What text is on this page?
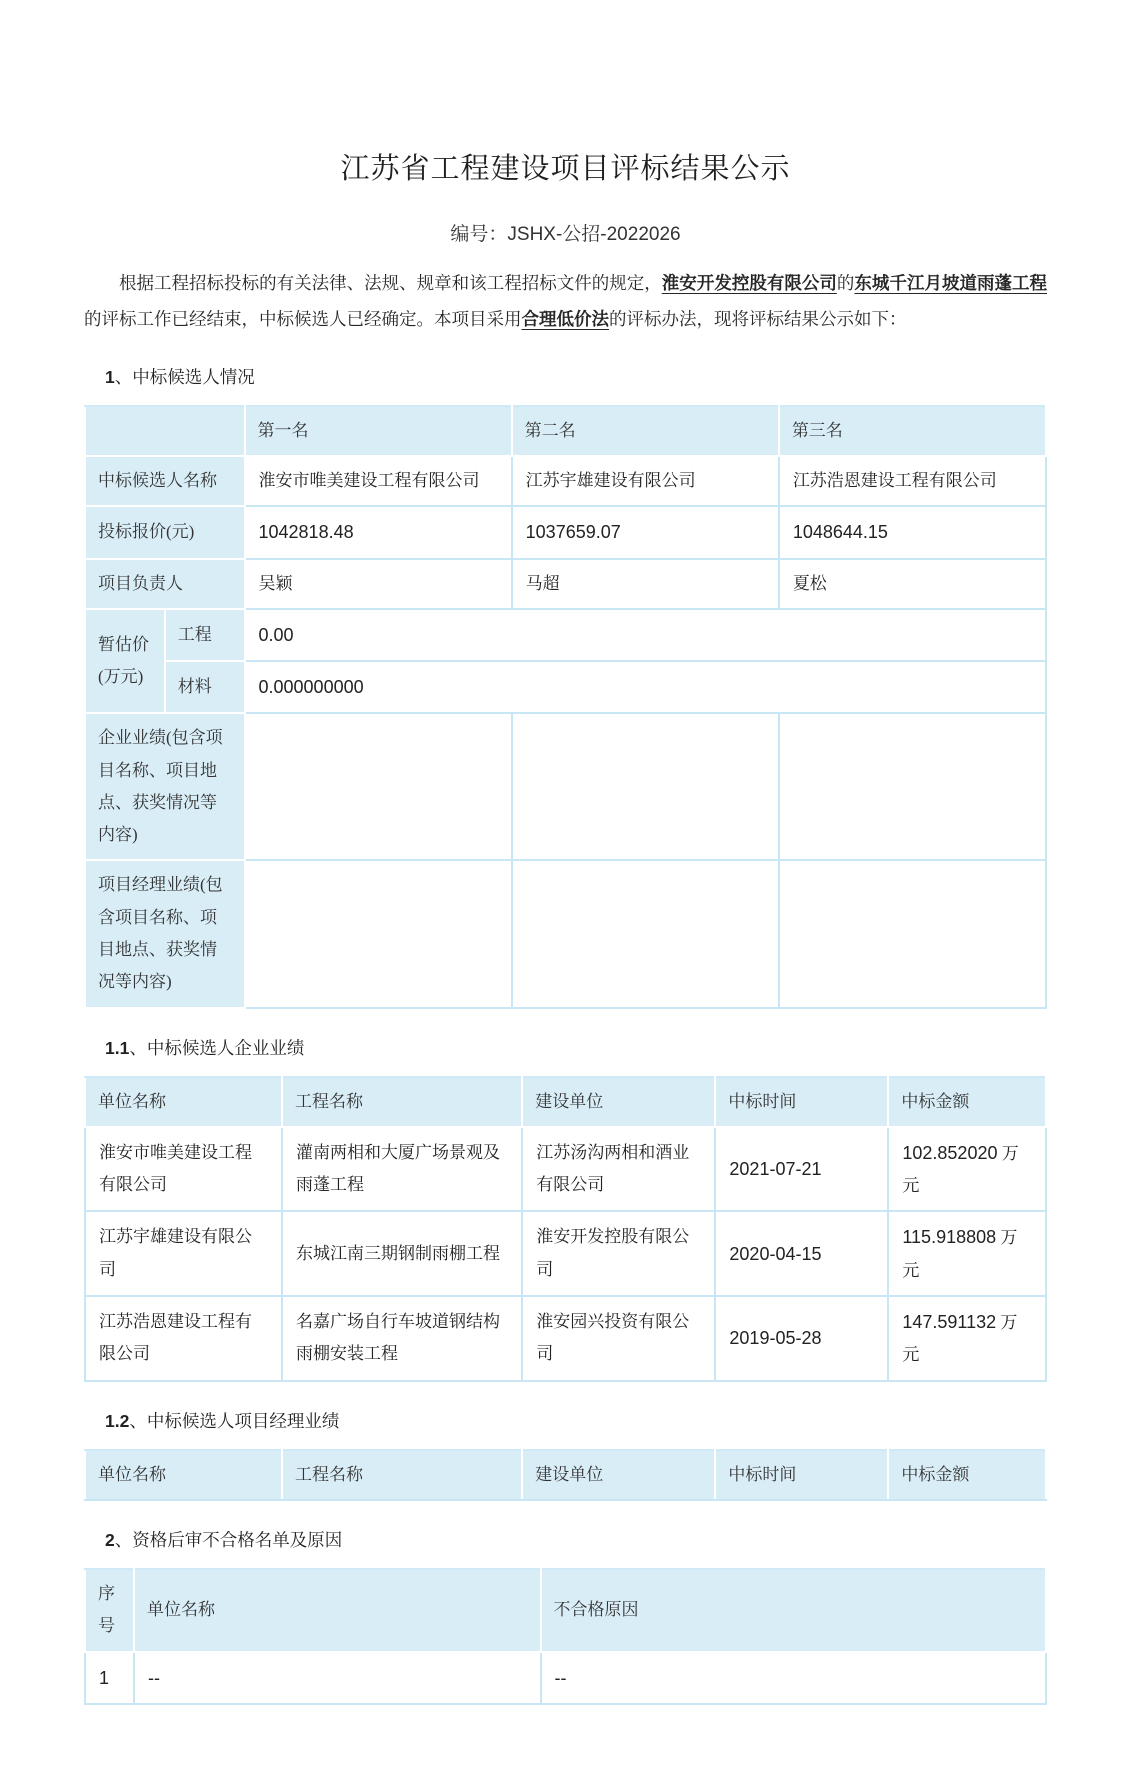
江苏省工程建设项目评标结果公示
编号：JSHX-公招-2022026

根据工程招标投标的有关法律、法规、规章和该工程招标文件的规定，淮安开发控股有限公司的东城千江月坡道雨蓬工程的评标工作已经结束，中标候选人已经确定。本项目采用合理低价法的评标办法，现将评标结果公示如下：

1、中标候选人情况
		第一名	第二名	第三名
中标候选人名称		淮安市唯美建设工程有限公司	江苏宇雄建设有限公司	江苏浩恩建设工程有限公司
投标报价(元)		1042818.48	1037659.07	1048644.15
项目负责人		吴颖	马超	夏松
暂估价(万元)	工程	0.00		
	材料	0.000000000		
企业业绩(包含项目名称、项目地点、获奖情况等内容)				
项目经理业绩(包含项目名称、项目地点、获奖情况等内容)				
1.1、中标候选人企业业绩
单位名称	工程名称	建设单位	中标时间	中标金额
淮安市唯美建设工程有限公司	灌南两相和大厦广场景观及雨蓬工程	江苏汤沟两相和酒业有限公司	2021-07-21	102.852020 万元
江苏宇雄建设有限公司	东城江南三期钢制雨棚工程	淮安开发控股有限公司	2020-04-15	115.918808 万元
江苏浩恩建设工程有限公司	名嘉广场自行车坡道钢结构雨棚安装工程	淮安园兴投资有限公司	2019-05-28	147.591132 万元
1.2、中标候选人项目经理业绩
单位名称	工程名称	建设单位	中标时间	中标金额
2、资格后审不合格名单及原因
序号	单位名称	不合格原因
1	--	--
